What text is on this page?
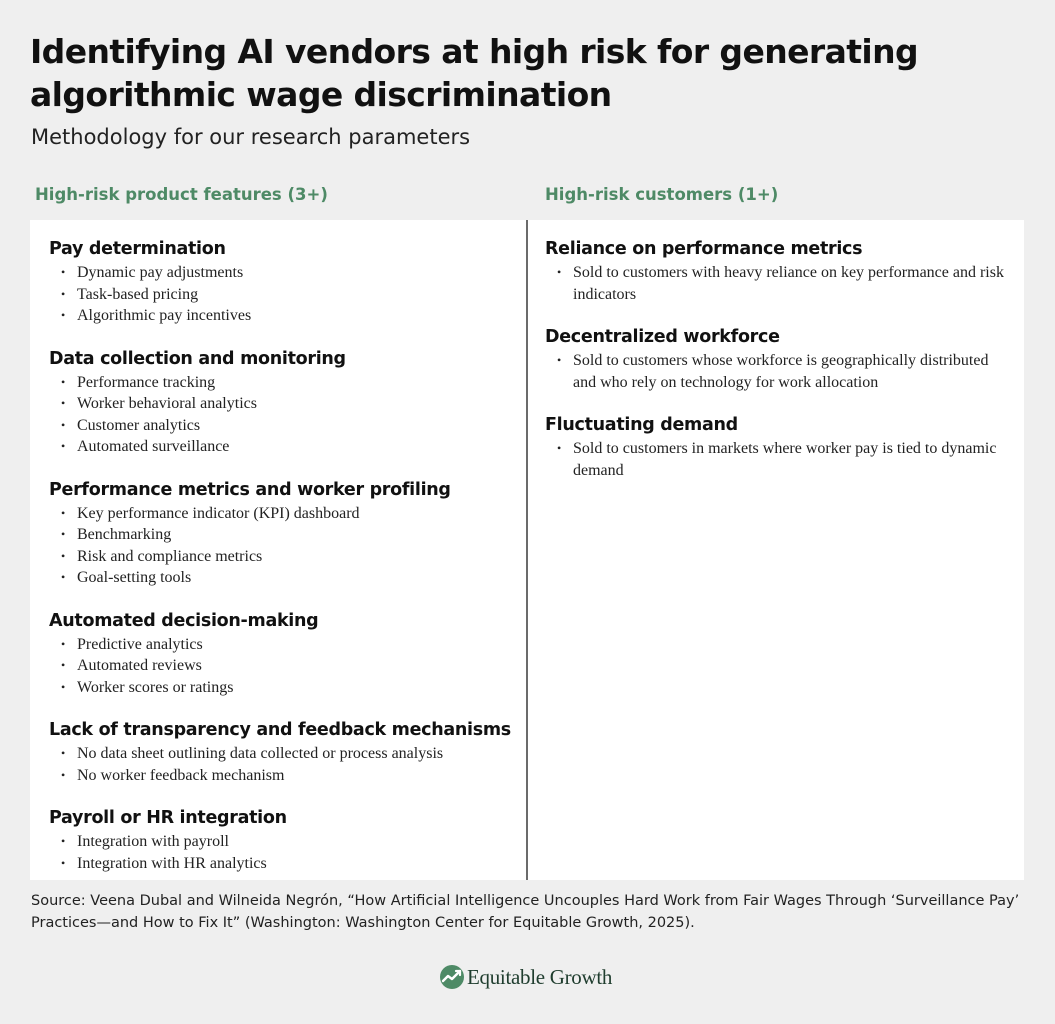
Identifying AI vendors at high risk for generating algorithmic wage discrimination
Methodology for our research parameters
High-risk product features (3+)	High-risk customers (1+)
Pay determination
• Dynamic pay adjustments
• Task-based pricing
• Algorithmic pay incentives
Data collection and monitoring
• Performance tracking
• Worker behavioral analytics
• Customer analytics
• Automated surveillance
Performance metrics and worker profiling
• Key performance indicator (KPI) dashboard
• Benchmarking
• Risk and compliance metrics
• Goal-setting tools
Automated decision-making
• Predictive analytics
• Automated reviews
• Worker scores or ratings
Lack of transparency and feedback mechanisms
• No data sheet outlining data collected or process analysis
• No worker feedback mechanism
Payroll or HR integration
• Integration with payroll
• Integration with HR analytics
Reliance on performance metrics
• Sold to customers with heavy reliance on key performance and risk indicators
Decentralized workforce
• Sold to customers whose workforce is geographically distributed and who rely on technology for work allocation
Fluctuating demand
• Sold to customers in markets where worker pay is tied to dynamic demand
Source: Veena Dubal and Wilneida Negrón, “How Artificial Intelligence Uncouples Hard Work from Fair Wages Through ‘Surveillance Pay’ Practices—and How to Fix It” (Washington: Washington Center for Equitable Growth, 2025).
Equitable Growth
